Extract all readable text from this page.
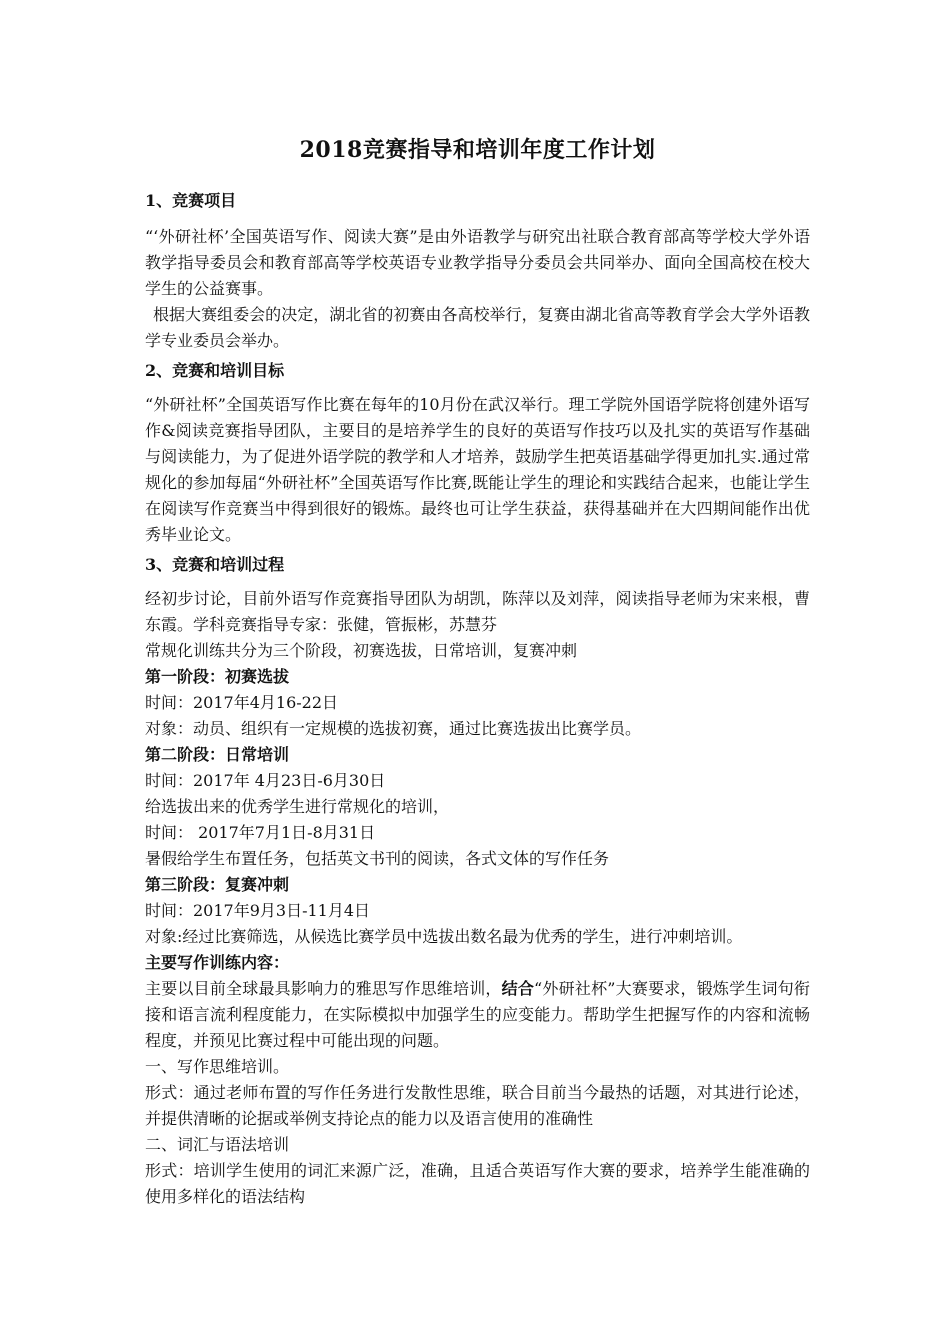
2018竞赛指导和培训年度工作计划

1、竞赛项目

“‘外研社杯’全国英语写作、阅读大赛”是由外语教学与研究出社联合教育部高等学校大学外语教学指导委员会和教育部高等学校英语专业教学指导分委员会共同举办、面向全国高校在校大学生的公益赛事。

根据大赛组委会的决定，湖北省的初赛由各高校举行，复赛由湖北省高等教育学会大学外语教学专业委员会举办。

2、竞赛和培训目标

“外研社杯”全国英语写作比赛在每年的10月份在武汉举行。理工学院外国语学院将创建外语写作&阅读竞赛指导团队，主要目的是培养学生的良好的英语写作技巧以及扎实的英语写作基础与阅读能力，为了促进外语学院的教学和人才培养，鼓励学生把英语基础学得更加扎实.通过常规化的参加每届“外研社杯”全国英语写作比赛,既能让学生的理论和实践结合起来，也能让学生在阅读写作竞赛当中得到很好的锻炼。最终也可让学生获益，获得基础并在大四期间能作出优秀毕业论文。

3、竞赛和培训过程

经初步讨论，目前外语写作竞赛指导团队为胡凯，陈萍以及刘萍，阅读指导老师为宋来根，曹东霞。学科竞赛指导专家：张健，管振彬，苏慧芬

常规化训练共分为三个阶段，初赛选拔，日常培训，复赛冲刺

第一阶段：初赛选拔

时间：2017年4月16-22日

对象：动员、组织有一定规模的选拔初赛，通过比赛选拔出比赛学员。

第二阶段：日常培训

时间：2017年 4月23日-6月30日

给选拔出来的优秀学生进行常规化的培训，

时间： 2017年7月1日-8月31日

暑假给学生布置任务，包括英文书刊的阅读，各式文体的写作任务

第三阶段：复赛冲刺

时间：2017年9月3日-11月4日

对象:经过比赛筛选，从候选比赛学员中选拔出数名最为优秀的学生，进行冲刺培训。

主要写作训练内容：

主要以目前全球最具影响力的雅思写作思维培训，结合“外研社杯”大赛要求，锻炼学生词句衔接和语言流利程度能力，在实际模拟中加强学生的应变能力。帮助学生把握写作的内容和流畅程度，并预见比赛过程中可能出现的问题。

一、写作思维培训。

形式：通过老师布置的写作任务进行发散性思维，联合目前当今最热的话题，对其进行论述，并提供清晰的论据或举例支持论点的能力以及语言使用的准确性

二、词汇与语法培训

形式：培训学生使用的词汇来源广泛，准确，且适合英语写作大赛的要求，培养学生能准确的使用多样化的语法结构
